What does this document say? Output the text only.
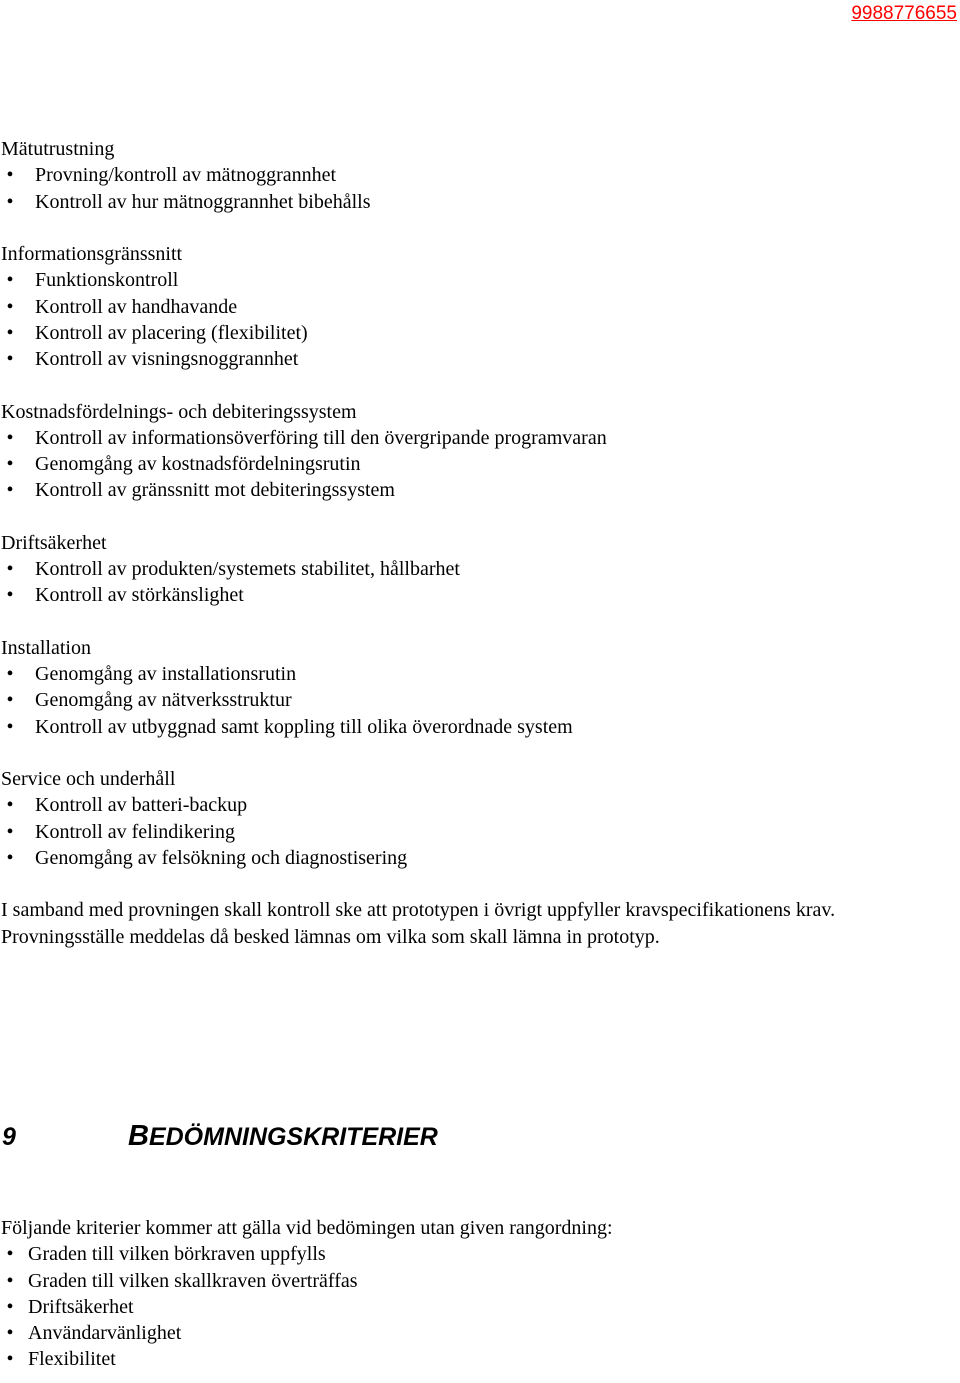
9988776655
Mätutrustning
• Provning/kontroll av mätnoggrannhet
• Kontroll av hur mätnoggrannhet bibehålls
Informationsgränssnitt
• Funktionskontroll
• Kontroll av handhavande
• Kontroll av placering (flexibilitet)
• Kontroll av visningsnoggrannhet
Kostnadsfördelnings- och debiteringssystem
• Kontroll av informationsöverföring till den övergripande programvaran
• Genomgång av kostnadsfördelningsrutin
• Kontroll av gränssnitt mot debiteringssystem
Driftsäkerhet
• Kontroll av produkten/systemets stabilitet, hållbarhet
• Kontroll av störkänslighet
Installation
• Genomgång av installationsrutin
• Genomgång av nätverksstruktur
• Kontroll av utbyggnad samt koppling till olika överordnade system
Service och underhåll
• Kontroll av batteri-backup
• Kontroll av felindikering
• Genomgång av felsökning och diagnostisering

I samband med provningen skall kontroll ske att prototypen i övrigt uppfyller kravspecifikationens krav. Provningsställe meddelas då besked lämnas om vilka som skall lämna in prototyp.

9	BEDÖMNINGSKRITERIER
Följande kriterier kommer att gälla vid bedömingen utan given rangordning:
• Graden till vilken börkraven uppfylls
• Graden till vilken skallkraven överträffas
• Driftsäkerhet
• Användarvänlighet
• Flexibilitet
